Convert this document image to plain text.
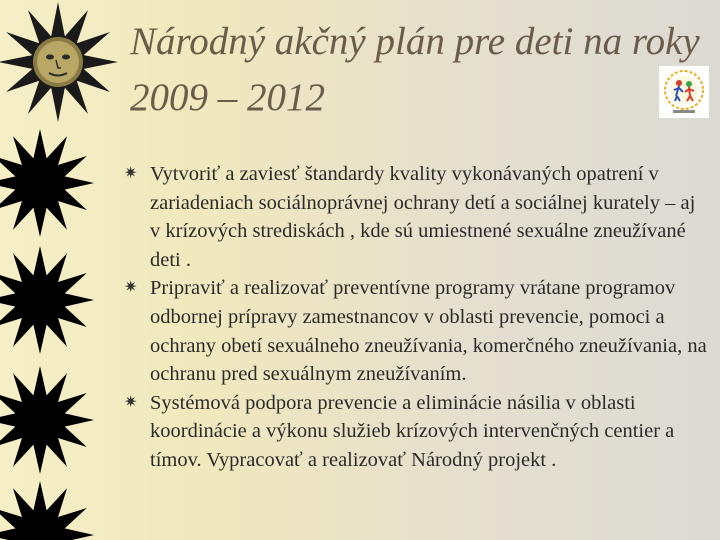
Národný akčný plán pre deti na roky 2009 – 2012
✷ Vytvoriť a zaviesť štandardy kvality vykonávaných opatrení v zariadeniach sociálnoprávnej ochrany detí a sociálnej kuratelу – aj v krízových strediskách , kde sú umiestnené sexuálne zneužívané deti .
✷ Pripraviť a realizovať preventívne programy vrátane programov odbornej prípravy zamestnancov v oblasti prevencie, pomoci a ochrany obetí sexuálneho zneužívania, komerčného zneužívania, na ochranu pred sexuálnym zneužívaním.
✷ Systémová podpora prevencie a eliminácie násilia v oblasti koordinácie a výkonu služieb krízových intervenčných centier a tímov. Vypracovať a realizovať Národný projekt .
